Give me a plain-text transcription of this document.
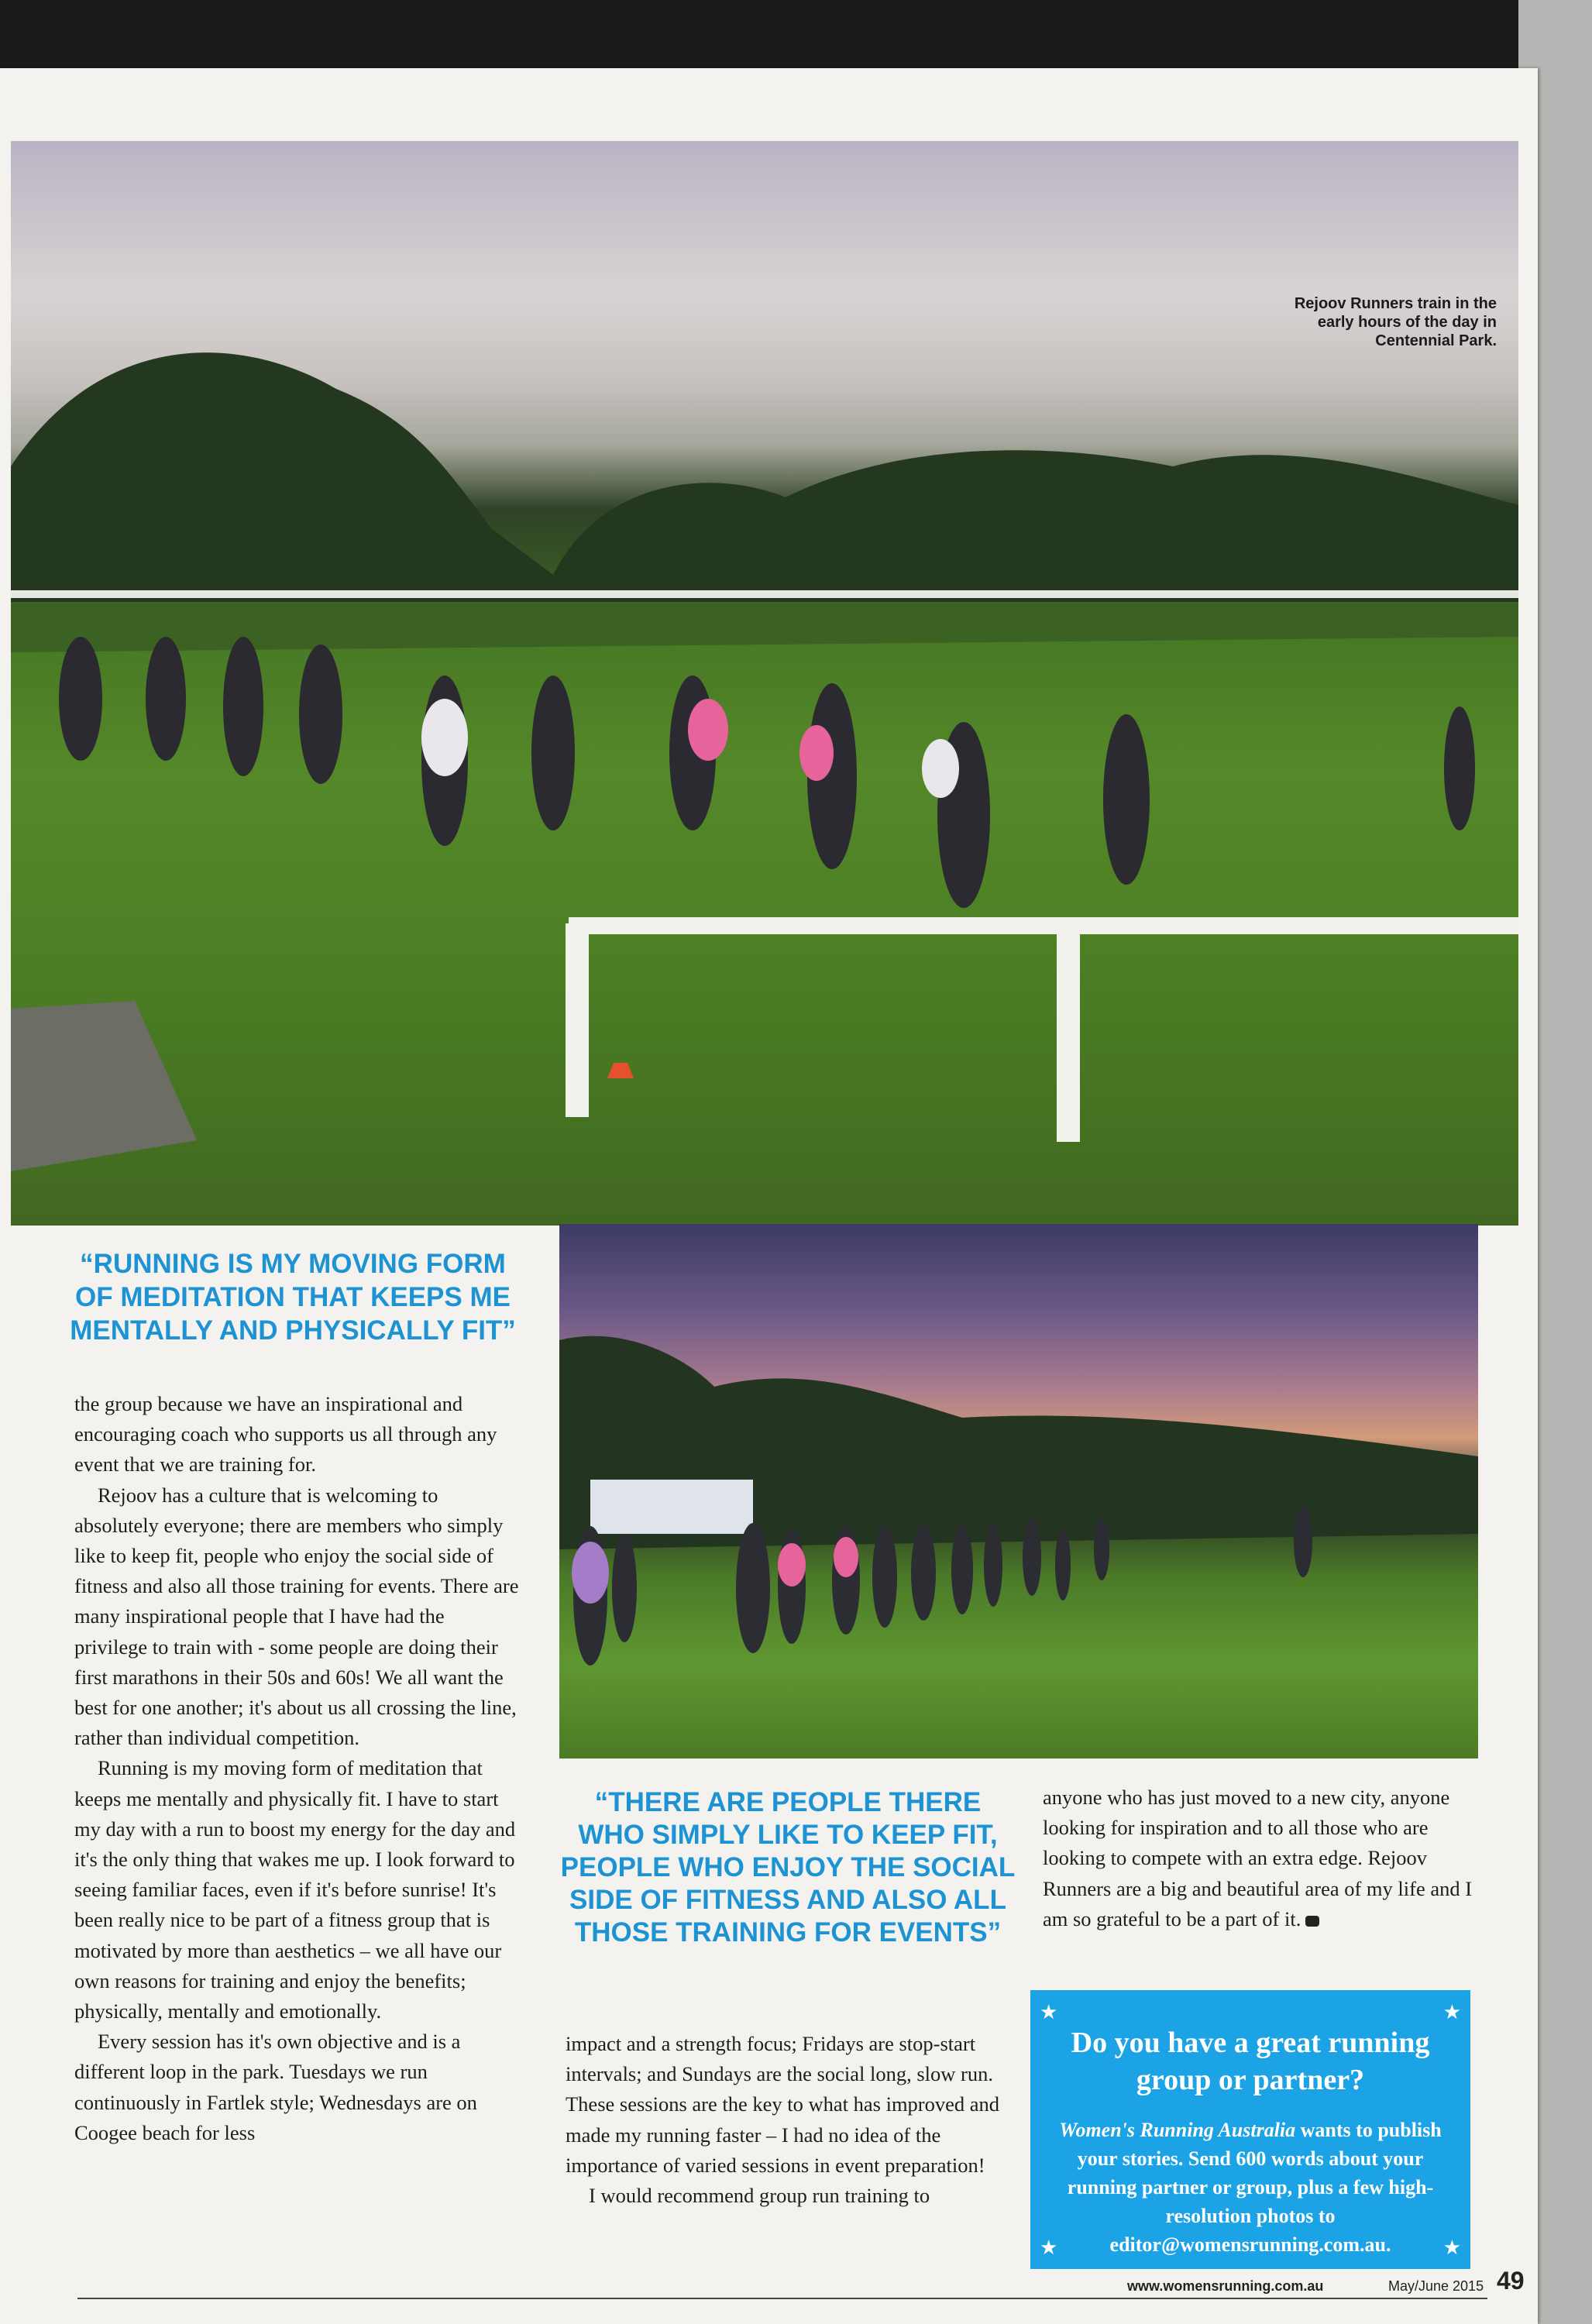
Rejoov Runners train in the early hours of the day in Centennial Park.
“RUNNING IS MY MOVING FORM OF MEDITATION THAT KEEPS ME MENTALLY AND PHYSICALLY FIT”
“THERE ARE PEOPLE THERE WHO SIMPLY LIKE TO KEEP FIT, PEOPLE WHO ENJOY THE SOCIAL SIDE OF FITNESS AND ALSO ALL THOSE TRAINING FOR EVENTS”

the group because we have an inspirational and encouraging coach who supports us all through any event that we are training for.

Rejoov has a culture that is welcoming to absolutely everyone; there are members who simply like to keep fit, people who enjoy the social side of fitness and also all those training for events. There are many inspirational people that I have had the privilege to train with - some people are doing their first marathons in their 50s and 60s! We all want the best for one another; it's about us all crossing the line, rather than individual competition.

Running is my moving form of meditation that keeps me mentally and physically fit. I have to start my day with a run to boost my energy for the day and it's the only thing that wakes me up. I look forward to seeing familiar faces, even if it's before sunrise! It's been really nice to be part of a fitness group that is motivated by more than aesthetics – we all have our own reasons for training and enjoy the benefits; physically, mentally and emotionally.

Every session has it's own objective and is a different loop in the park. Tuesdays we run continuously in Fartlek style; Wednesdays are on Coogee beach for less

impact and a strength focus; Fridays are stop-start intervals; and Sundays are the social long, slow run. These sessions are the key to what has improved and made my running faster – I had no idea of the importance of varied sessions in event preparation!

I would recommend group run training to

anyone who has just moved to a new city, anyone looking for inspiration and to all those who are looking to compete with an extra edge. Rejoov Runners are a big and beautiful area of my life and I am so grateful to be a part of it.

★	★
★	★
Do you have a great running group or partner?
Women's Running Australia wants to publish your stories. Send 600 words about your running partner or group, plus a few high-resolution photos to editor@womensrunning.com.au.
www.womensrunning.com.au	May/June 2015 49
